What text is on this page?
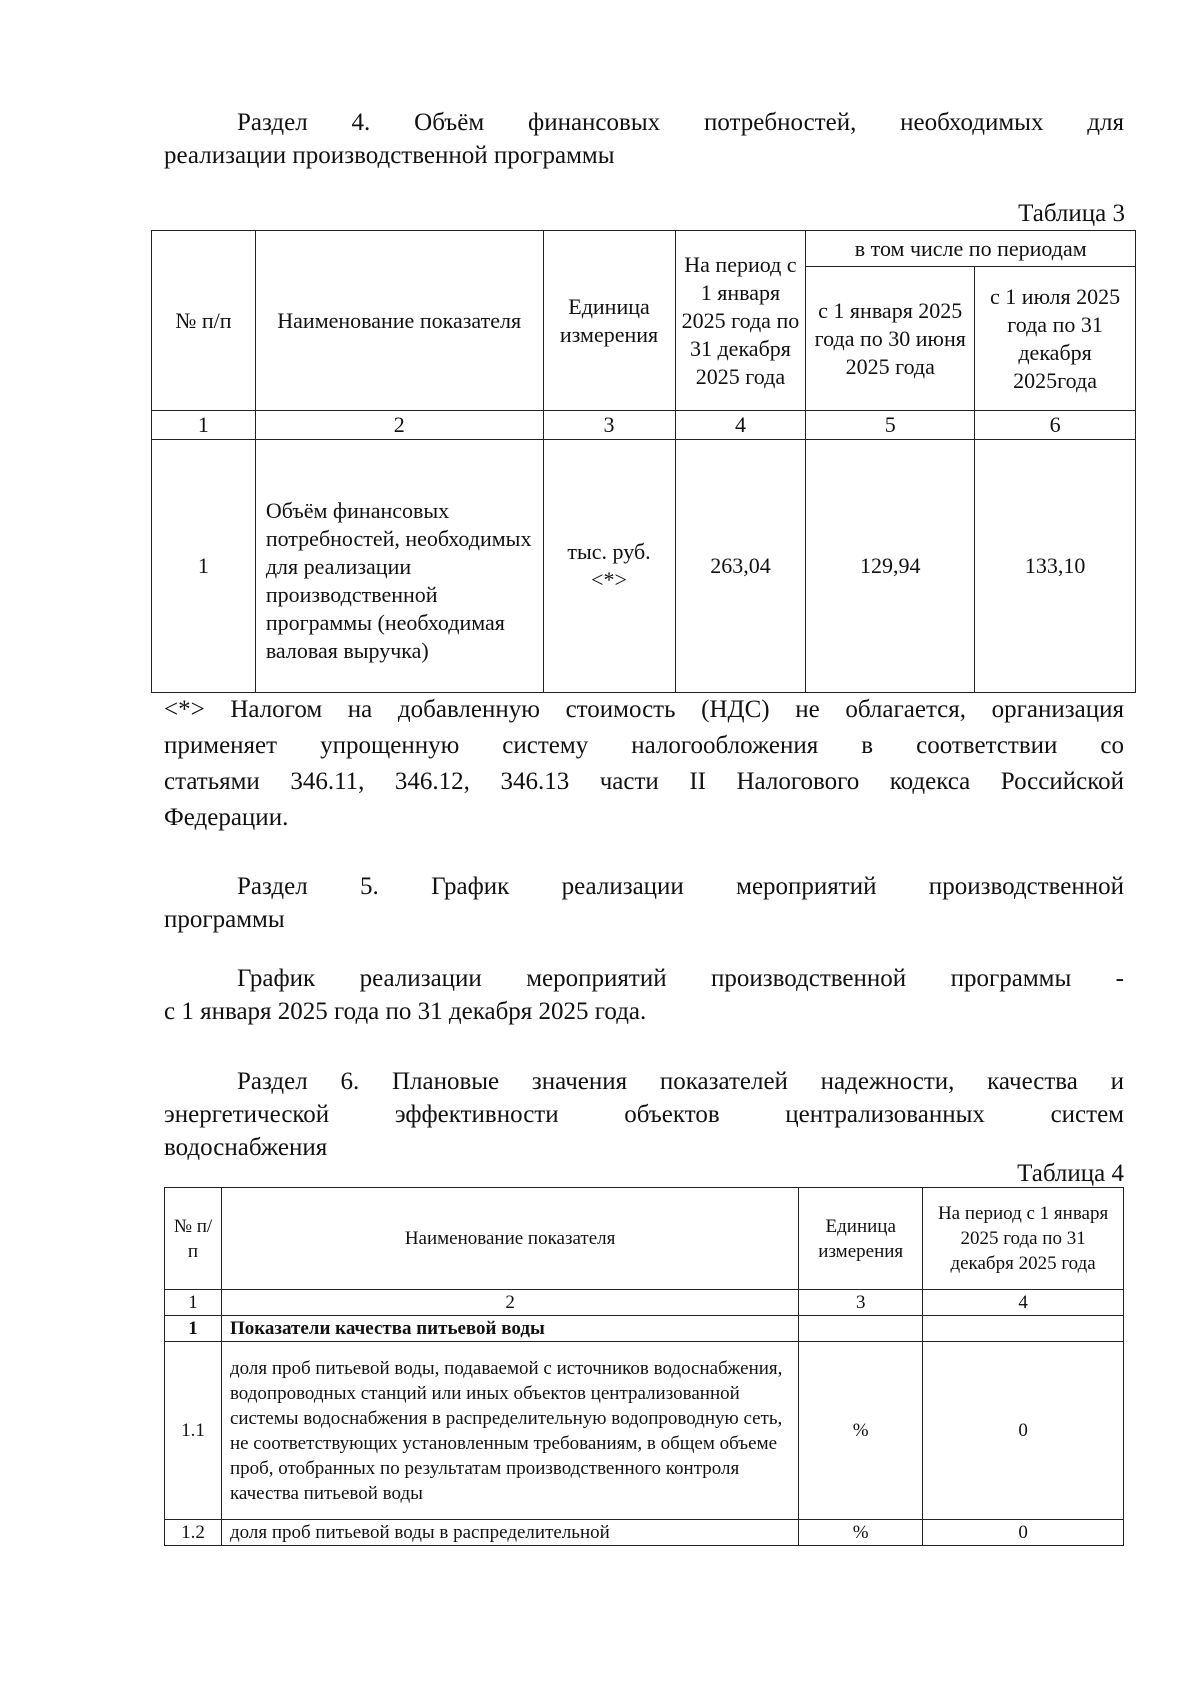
Раздел 4. Объём финансовых потребностей, необходимых для

реализации производственной программы

Таблица 3

№ п/п	Наименование показателя	Единица измерения	На период с 1 января 2025 года по 31 декабря 2025 года	в том числе по периодам	
				с 1 января 2025 года по 30 июня 2025 года	с 1 июля 2025 года по 31 декабря 2025года
1	2	3	4	5	6
1	Объём финансовых потребностей, необходимых для реализации производственной программы (необходимая валовая выручка)	тыс. руб. <*>	263,04	129,94	133,10

<*> Налогом на добавленную стоимость (НДС) не облагается, организация

применяет упрощенную систему налогообложения в соответствии со

статьями 346.11, 346.12, 346.13 части II Налогового кодекса Российской

Федерации.

Раздел 5. График реализации мероприятий производственной

программы

График реализации мероприятий производственной программы -

с 1 января 2025 года по 31 декабря 2025 года.

Раздел 6. Плановые значения показателей надежности, качества и

энергетической эффективности объектов централизованных систем

водоснабжения

Таблица 4

№ п/п	Наименование показателя	Единица измерения	На период с 1 января 2025 года по 31 декабря 2025 года
1	2	3	4
1	Показатели качества питьевой воды		
1.1	доля проб питьевой воды, подаваемой с источников водоснабжения, водопроводных станций или иных объектов централизованной системы водоснабжения в распределительную водопроводную сеть, не соответствующих установленным требованиям, в общем объеме проб, отобранных по результатам производственного контроля качества питьевой воды	%	0
1.2	доля проб питьевой воды в распределительной	%	0
